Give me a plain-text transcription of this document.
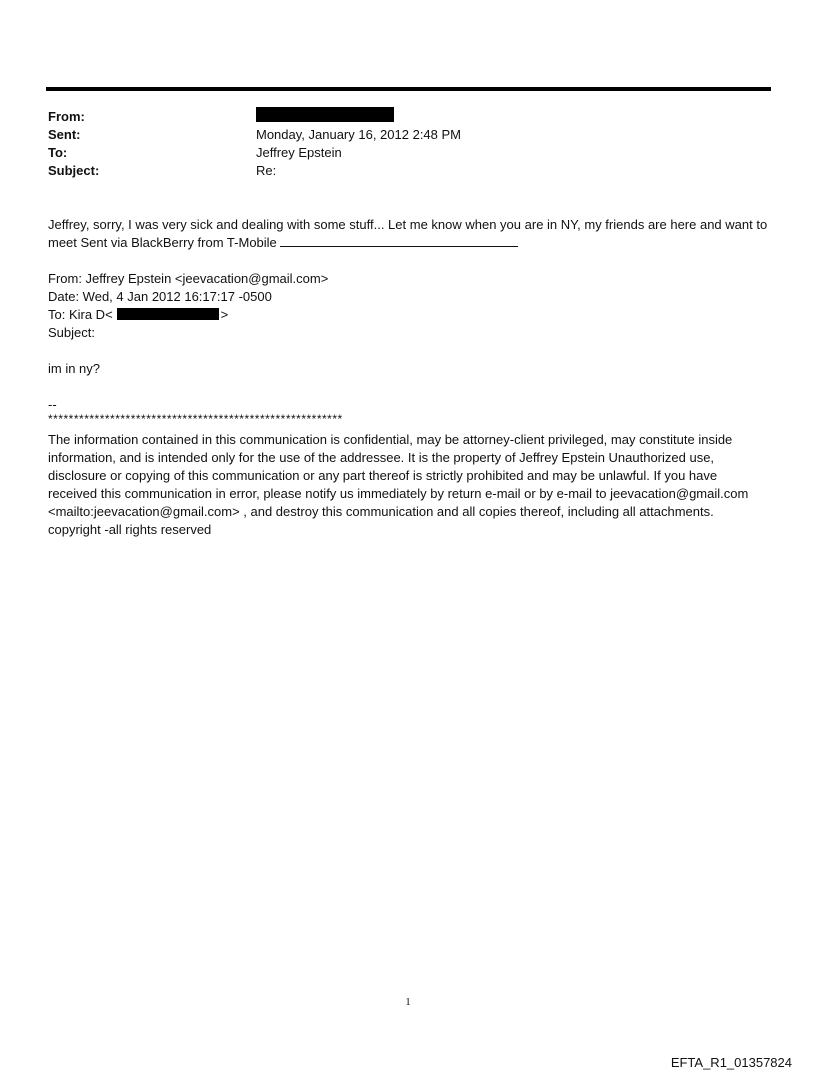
From:
Sent:	Monday, January 16, 2012 2:48 PM
To:	Jeffrey Epstein
Subject:	Re:
Jeffrey, sorry, I was very sick and dealing with some stuff... Let me know when you are in NY, my friends are here and want to meet Sent via BlackBerry from T-Mobile
From: Jeffrey Epstein <jeevacation@gmail.com>
Date: Wed, 4 Jan 2012 16:17:17 -0500
To: Kira D<	>
Subject:
im in ny?
--
*********************************************************
The information contained in this communication is confidential, may be attorney-client privileged, may constitute inside information, and is intended only for the use of the addressee. It is the property of Jeffrey Epstein Unauthorized use, disclosure or copying of this communication or any part thereof is strictly prohibited and may be unlawful. If you have received this communication in error, please notify us immediately by return e-mail or by e-mail to jeevacation@gmail.com <mailto:jeevacation@gmail.com> , and destroy this communication and all copies thereof, including all attachments. copyright -all rights reserved
1
EFTA_R1_01357824
